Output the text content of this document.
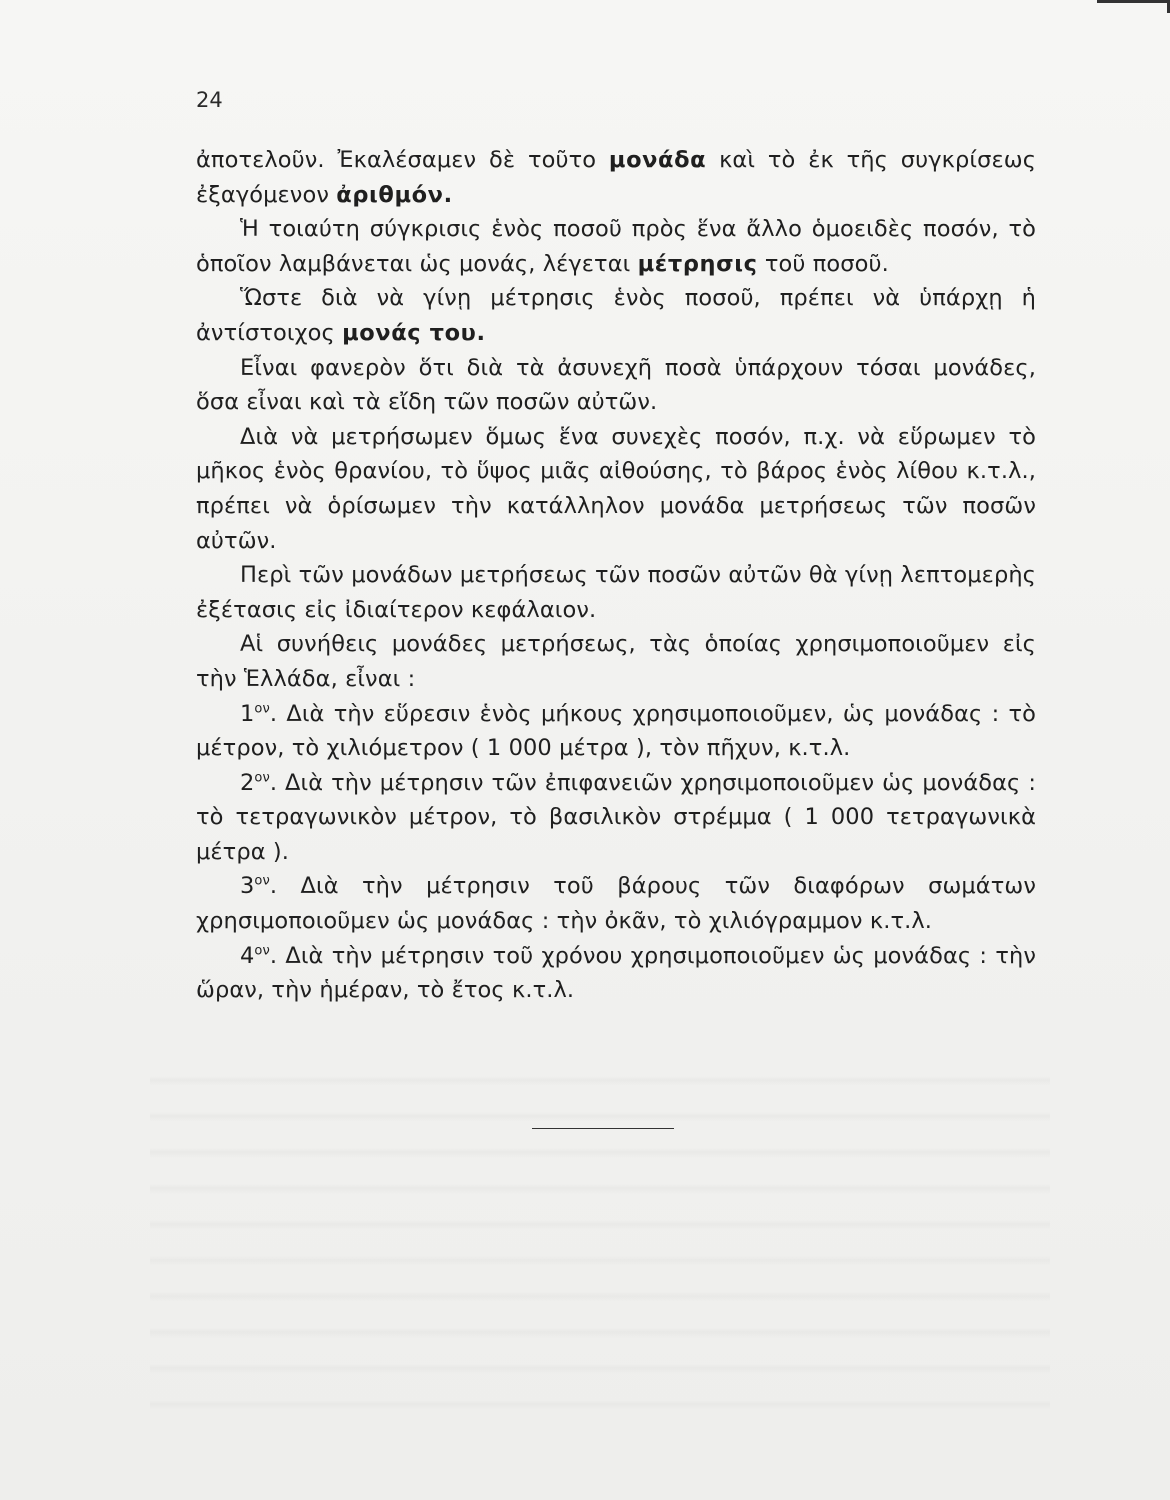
24

ἀποτελοῦν. Ἐκαλέσαμεν δὲ τοῦτο μονάδα καὶ τὸ ἐκ τῆς συγκρίσεως ἐξαγόμενον ἀριθμόν.

Ἡ τοιαύτη σύγκρισις ἑνὸς ποσοῦ πρὸς ἕνα ἄλλο ὁμοειδὲς ποσόν, τὸ ὁποῖον λαμβάνεται ὡς μονάς, λέγεται μέτρησις τοῦ ποσοῦ.

Ὥστε διὰ νὰ γίνῃ μέτρησις ἑνὸς ποσοῦ, πρέπει νὰ ὑπάρχῃ ἡ ἀντίστοιχος μονάς του.

Εἶναι φανερὸν ὅτι διὰ τὰ ἀσυνεχῆ ποσὰ ὑπάρχουν τόσαι μονάδες, ὅσα εἶναι καὶ τὰ εἴδη τῶν ποσῶν αὐτῶν.

Διὰ νὰ μετρήσωμεν ὅμως ἕνα συνεχὲς ποσόν, π.χ. νὰ εὕρωμεν τὸ μῆκος ἑνὸς θρανίου, τὸ ὕψος μιᾶς αἰθούσης, τὸ βάρος ἑνὸς λίθου κ.τ.λ., πρέπει νὰ ὁρίσωμεν τὴν κατάλληλον μονάδα μετρήσεως τῶν ποσῶν αὐτῶν.

Περὶ τῶν μονάδων μετρήσεως τῶν ποσῶν αὐτῶν θὰ γίνῃ λεπτομερὴς ἐξέτασις εἰς ἰδιαίτερον κεφάλαιον.

Αἱ συνήθεις μονάδες μετρήσεως, τὰς ὁποίας χρησιμοποιοῦμεν εἰς τὴν Ἑλλάδα, εἶναι :

$1^{o\nu}$. Διὰ τὴν εὕρεσιν ἑνὸς μήκους χρησιμοποιοῦμεν, ὡς μονάδας : τὸ μέτρον, τὸ χιλιόμετρον ( 1 000 μέτρα ), τὸν πῆχυν, κ.τ.λ.

$2^{o\nu}$. Διὰ τὴν μέτρησιν τῶν ἐπιφανειῶν χρησιμοποιοῦμεν ὡς μονάδας : τὸ τετραγωνικὸν μέτρον, τὸ βασιλικὸν στρέμμα ( 1 000 τετραγωνικὰ μέτρα ).

$3^{o\nu}$. Διὰ τὴν μέτρησιν τοῦ βάρους τῶν διαφόρων σωμάτων χρησιμοποιοῦμεν ὡς μονάδας : τὴν ὀκᾶν, τὸ χιλιόγραμμον κ.τ.λ.

$4^{o\nu}$. Διὰ τὴν μέτρησιν τοῦ χρόνου χρησιμοποιοῦμεν ὡς μονάδας : τὴν ὥραν, τὴν ἡμέραν, τὸ ἔτος κ.τ.λ.
